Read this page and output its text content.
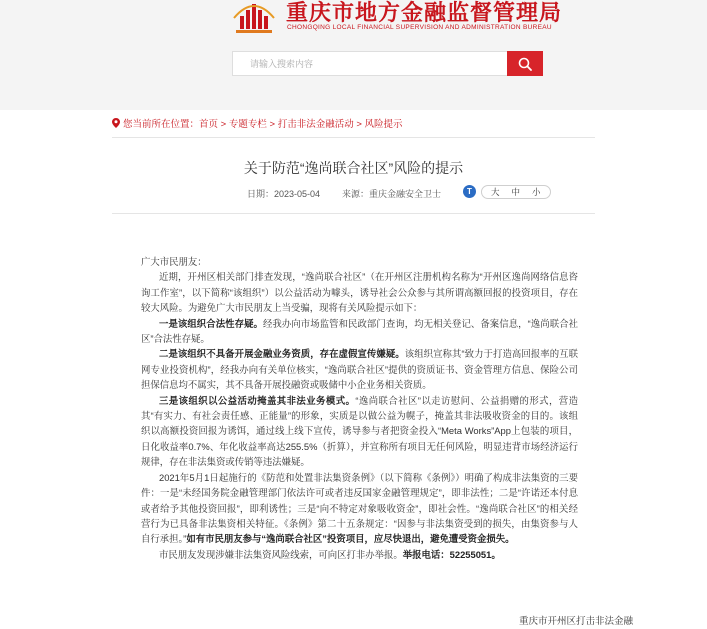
重庆市地方金融监督管理局
CHONGQING LOCAL FINANCIAL SUPERVISION AND ADMINISTRATION BUREAU
请输入搜索内容
您当前所在位置：首页 > 专题专栏 > 打击非法金融活动 > 风险提示
关于防范“逸尚联合社区”风险的提示
日期：2023-05-04 来源：重庆金融安全卫士	T	大	中	小

广大市民朋友：

近期，开州区相关部门排查发现，“逸尚联合社区”（在开州区注册机构名称为“开州区逸尚网络信息咨询工作室”，以下简称“该组织”）以公益活动为噱头，诱导社会公众参与其所谓高额回报的投资项目，存在较大风险。为避免广大市民朋友上当受骗，现将有关风险提示如下：

一是该组织合法性存疑。经我办向市场监管和民政部门查询，均无相关登记、备案信息，“逸尚联合社区”合法性存疑。

二是该组织不具备开展金融业务资质，存在虚假宣传嫌疑。该组织宣称其“致力于打造高回报率的互联网专业投资机构”，经我办向有关单位核实，“逸尚联合社区”提供的资质证书、资金管理方信息、保险公司担保信息均不属实，其不具备开展投融资或吸储中小企业务相关资质。

三是该组织以公益活动掩盖其非法业务模式。“逸尚联合社区”以走访慰问、公益捐赠的形式，营造其“有实力、有社会责任感、正能量”的形象，实质是以做公益为幌子，掩盖其非法吸收资金的目的。该组织以高额投资回报为诱饵，通过线上线下宣传，诱导参与者把资金投入“Meta Works”App上包装的项目，日化收益率0.7%、年化收益率高达255.5%（折算），并宣称所有项目无任何风险，明显违背市场经济运行规律，存在非法集资或传销等违法嫌疑。

2021年5月1日起施行的《防范和处置非法集资条例》（以下简称《条例》）明确了构成非法集资的三要件：一是“未经国务院金融管理部门依法许可或者违反国家金融管理规定”，即非法性；二是“许诺还本付息或者给予其他投资回报”，即利诱性；三是“向不特定对象吸收资金”，即社会性。“逸尚联合社区”的相关经营行为已具备非法集资相关特征。《条例》第二十五条规定：“因参与非法集资受到的损失，由集资参与人自行承担。”如有市民朋友参与“逸尚联合社区”投资项目，应尽快退出，避免遭受资金损失。

市民朋友发现涉嫌非法集资风险线索，可向区打非办举报。举报电话：52255051。

重庆市开州区打击非法金融
